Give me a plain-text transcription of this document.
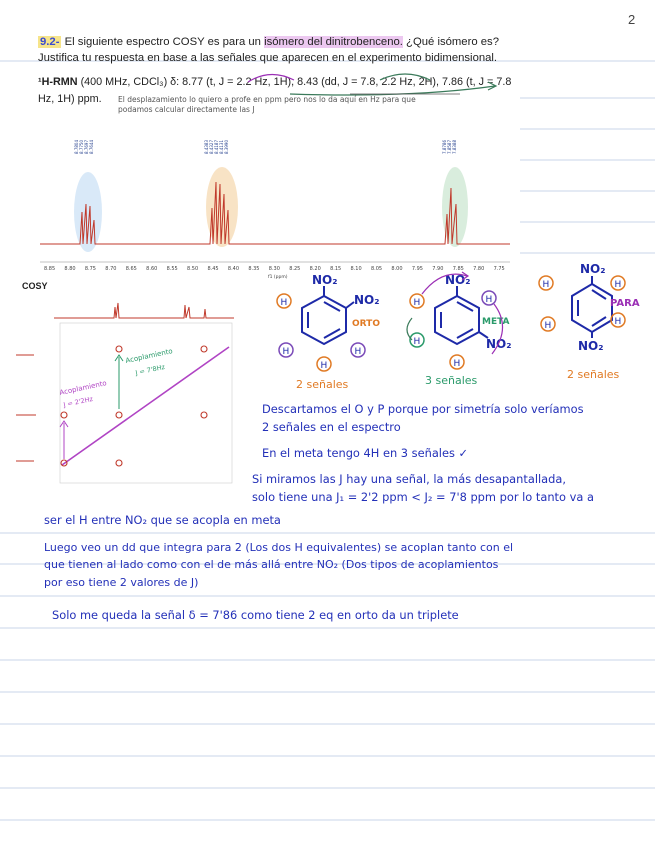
2
9.2- El siguiente espectro COSY es para un isómero del dinitrobenceno. ¿Qué isómero es?
Justifica tu respuesta en base a las señales que aparecen en el experimento bidimensional.
¹H-RMN (400 MHz, CDCl₃) δ: 8.77 (t, J = 2.2 Hz, 1H), 8.43 (dd, J = 7.8, 2.2 Hz, 2H), 7.86 (t, J = 7.8
Hz, 1H) ppm.	El desplazamiento lo quiero a profe en ppm pero nos lo da aquí en Hz para que podamos calcular directamente las J
8.7804 8.7750 8.7697 8.7644	8.4383 8.4327 8.4187 8.4131 8.3990	7.8786 7.8587 7.8388
8.85 8.80 8.75 8.70 8.65 8.60 8.55 8.50 8.45 8.40 8.35 8.30 8.25 8.20 8.15 8.10 8.05 8.00 7.95 7.90 7.85 7.80 7.75
f1 (ppm)
COSY
Acoplamiento
J = 7'8Hz
Acoplamiento
J = 2'2Hz
NO₂
NO₂
ORTO
H
H
H
H
2 señales
NO₂
NO₂
META
H	H
H
H
3 señales
NO₂
NO₂
PARA
H	H
H	H
2 señales
Descartamos el O y P porque por simetría solo veríamos
2 señales en el espectro
En el meta tengo 4H en 3 señales ✓
Si miramos las J hay una señal, la más desapantallada,
solo tiene una J₁ = 2'2 ppm < J₂ = 7'8 ppm por lo tanto va a
ser el H entre NO₂ que se acopla en meta
Luego veo un dd que integra para 2 (Los dos H equivalentes) se acoplan tanto con el
que tienen al lado como con el de más allá entre NO₂ (Dos tipos de acoplamientos
por eso tiene 2 valores de J)
Solo me queda la señal δ = 7'86 como tiene 2 eq en orto da un triplete
